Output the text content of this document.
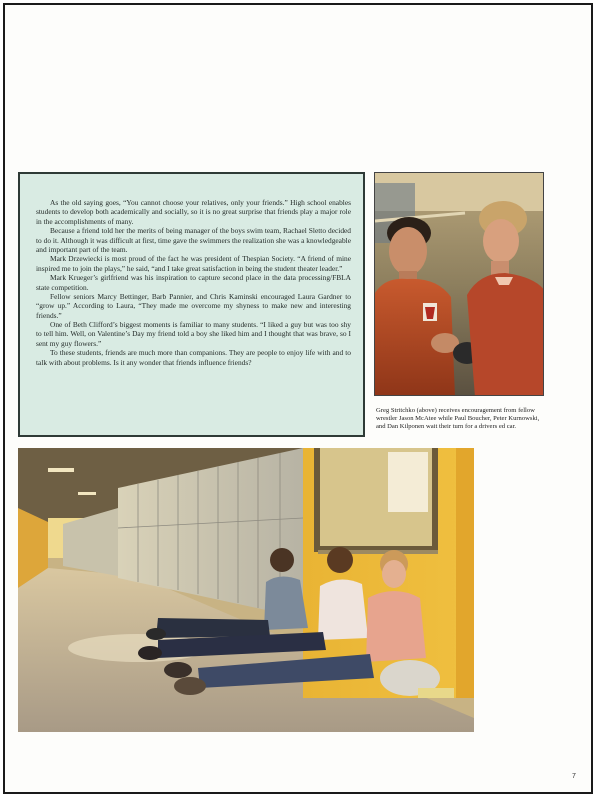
As the old saying goes, “You cannot choose your relatives, only your friends.” High school enables students to develop both academically and socially, so it is no great surprise that friends play a major role in the accomplishments of many.

Because a friend told her the merits of being manager of the boys swim team, Rachael Sletto decided to do it. Although it was difficult at first, time gave the swimmers the realization she was a knowledgeable and important part of the team.

Mark Drzewiecki is most proud of the fact he was president of Thespian Society. “A friend of mine inspired me to join the plays,” he said, “and I take great satisfaction in being the student theater leader.”

Mark Krueger’s girlfriend was his inspiration to capture second place in the data processing/FBLA state competition.

Fellow seniors Marcy Bettinger, Barb Pannier, and Chris Kaminski encouraged Laura Gardner to “grow up.” According to Laura, “They made me overcome my shyness to make new and interesting friends.”

One of Beth Clifford’s biggest moments is familiar to many students. “I liked a guy but was too shy to tell him. Well, on Valentine’s Day my friend told a boy she liked him and I thought that was brave, so I sent my guy flowers.”

To these students, friends are much more than companions. They are people to enjoy life with and to talk with about problems. Is it any wonder that friends influence friends?

Greg Stritchko (above) receives encouragement from fellow wrestler Jason McAtee while Paul Boucher, Peter Kurnowski, and Dan Kilponen wait their turn for a drivers ed car.
7
